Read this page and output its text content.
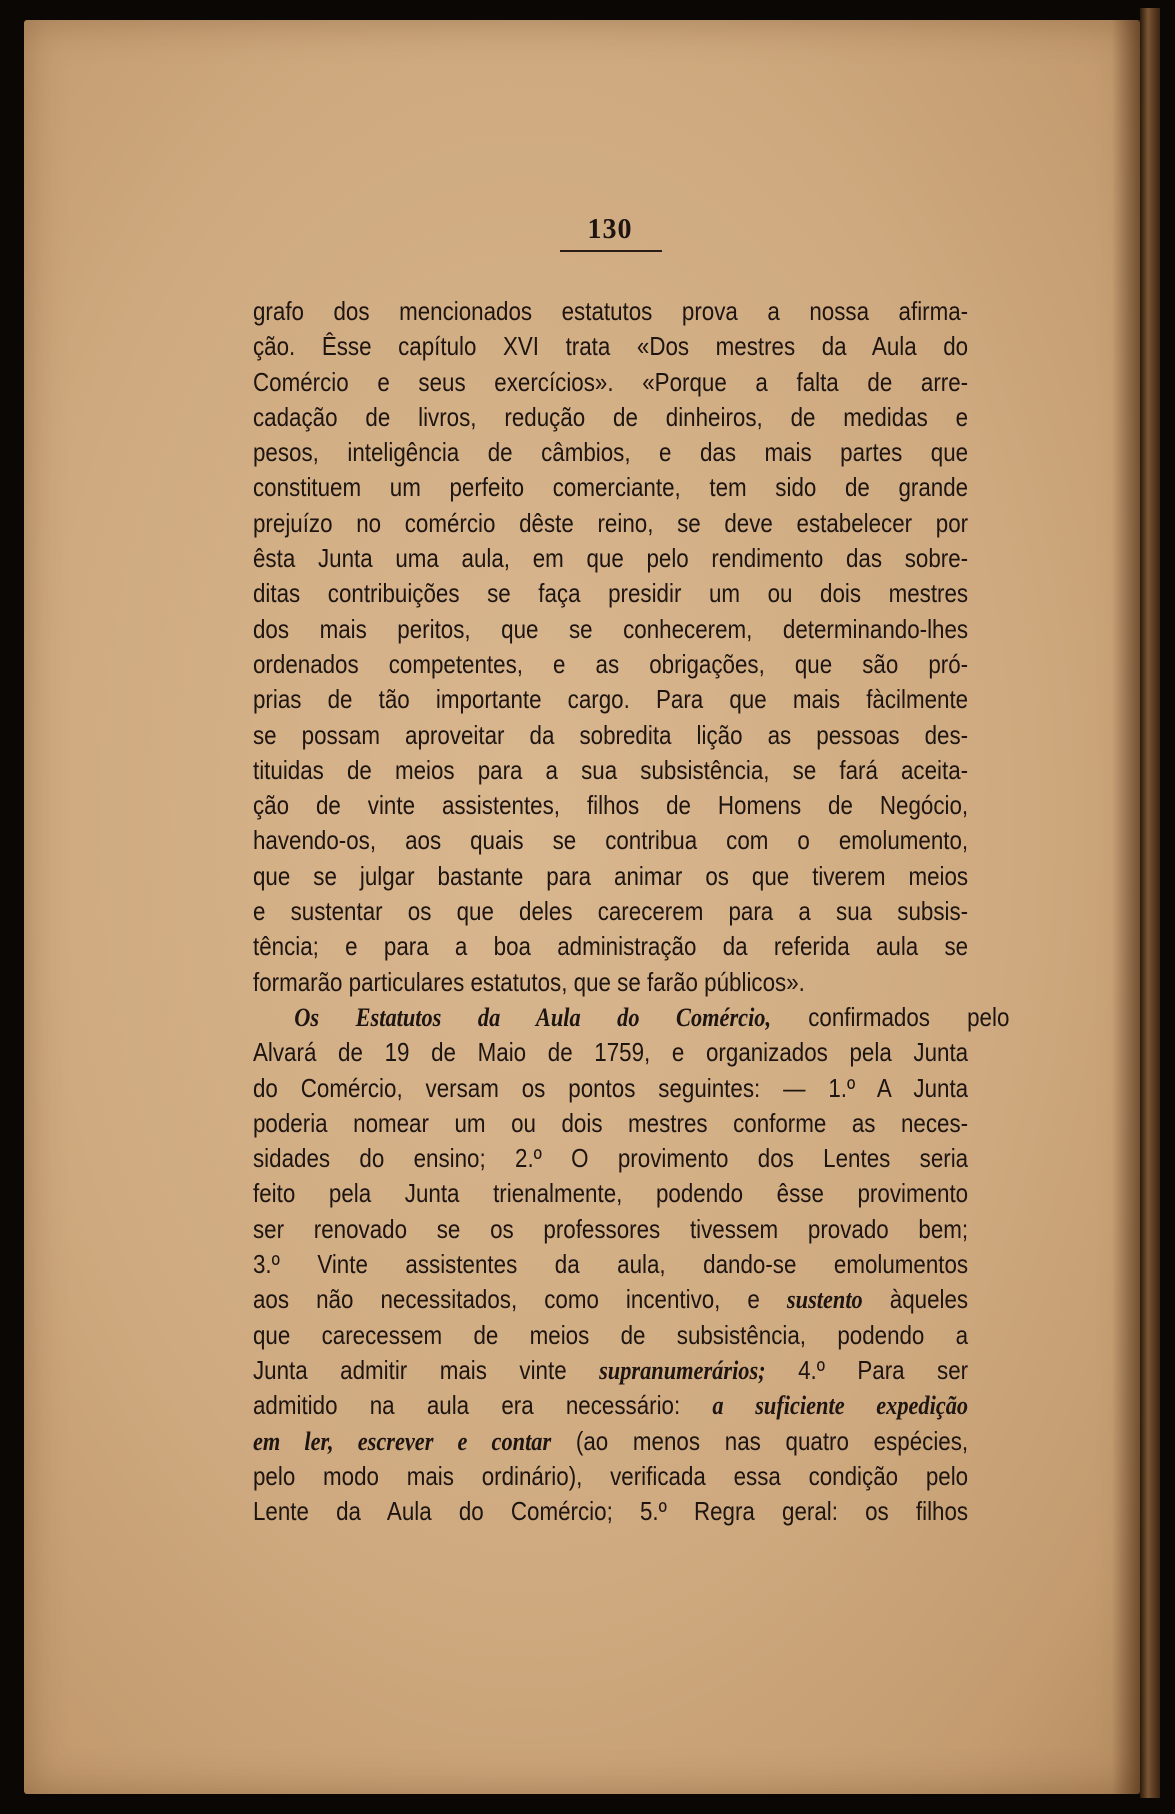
130
grafo dos mencionados estatutos prova a nossa afirma-
ção. Êsse capítulo XVI trata «Dos mestres da Aula do
Comércio e seus exercícios». «Porque a falta de arre-
cadação de livros, redução de dinheiros, de medidas e
pesos, inteligência de câmbios, e das mais partes que
constituem um perfeito comerciante, tem sido de grande
prejuízo no comércio dêste reino, se deve estabelecer por
êsta Junta uma aula, em que pelo rendimento das sobre-
ditas contribuições se faça presidir um ou dois mestres
dos mais peritos, que se conhecerem, determinando-lhes
ordenados competentes, e as obrigações, que são pró-
prias de tão importante cargo. Para que mais fàcilmente
se possam aproveitar da sobredita lição as pessoas des-
tituidas de meios para a sua subsistência, se fará aceita-
ção de vinte assistentes, filhos de Homens de Negócio,
havendo-os, aos quais se contribua com o emolumento,
que se julgar bastante para animar os que tiverem meios
e sustentar os que deles carecerem para a sua subsis-
tência; e para a boa administração da referida aula se
formarão particulares estatutos, que se farão públicos».
Os Estatutos da Aula do Comércio, confirmados pelo
Alvará de 19 de Maio de 1759, e organizados pela Junta
do Comércio, versam os pontos seguintes: — 1.º A Junta
poderia nomear um ou dois mestres conforme as neces-
sidades do ensino; 2.º O provimento dos Lentes seria
feito pela Junta trienalmente, podendo êsse provimento
ser renovado se os professores tivessem provado bem;
3.º Vinte assistentes da aula, dando-se emolumentos
aos não necessitados, como incentivo, e sustento àqueles
que carecessem de meios de subsistência, podendo a
Junta admitir mais vinte supranumerários; 4.º Para ser
admitido na aula era necessário: a suficiente expedição
em ler, escrever e contar (ao menos nas quatro espécies,
pelo modo mais ordinário), verificada essa condição pelo
Lente da Aula do Comércio; 5.º Regra geral: os filhos
